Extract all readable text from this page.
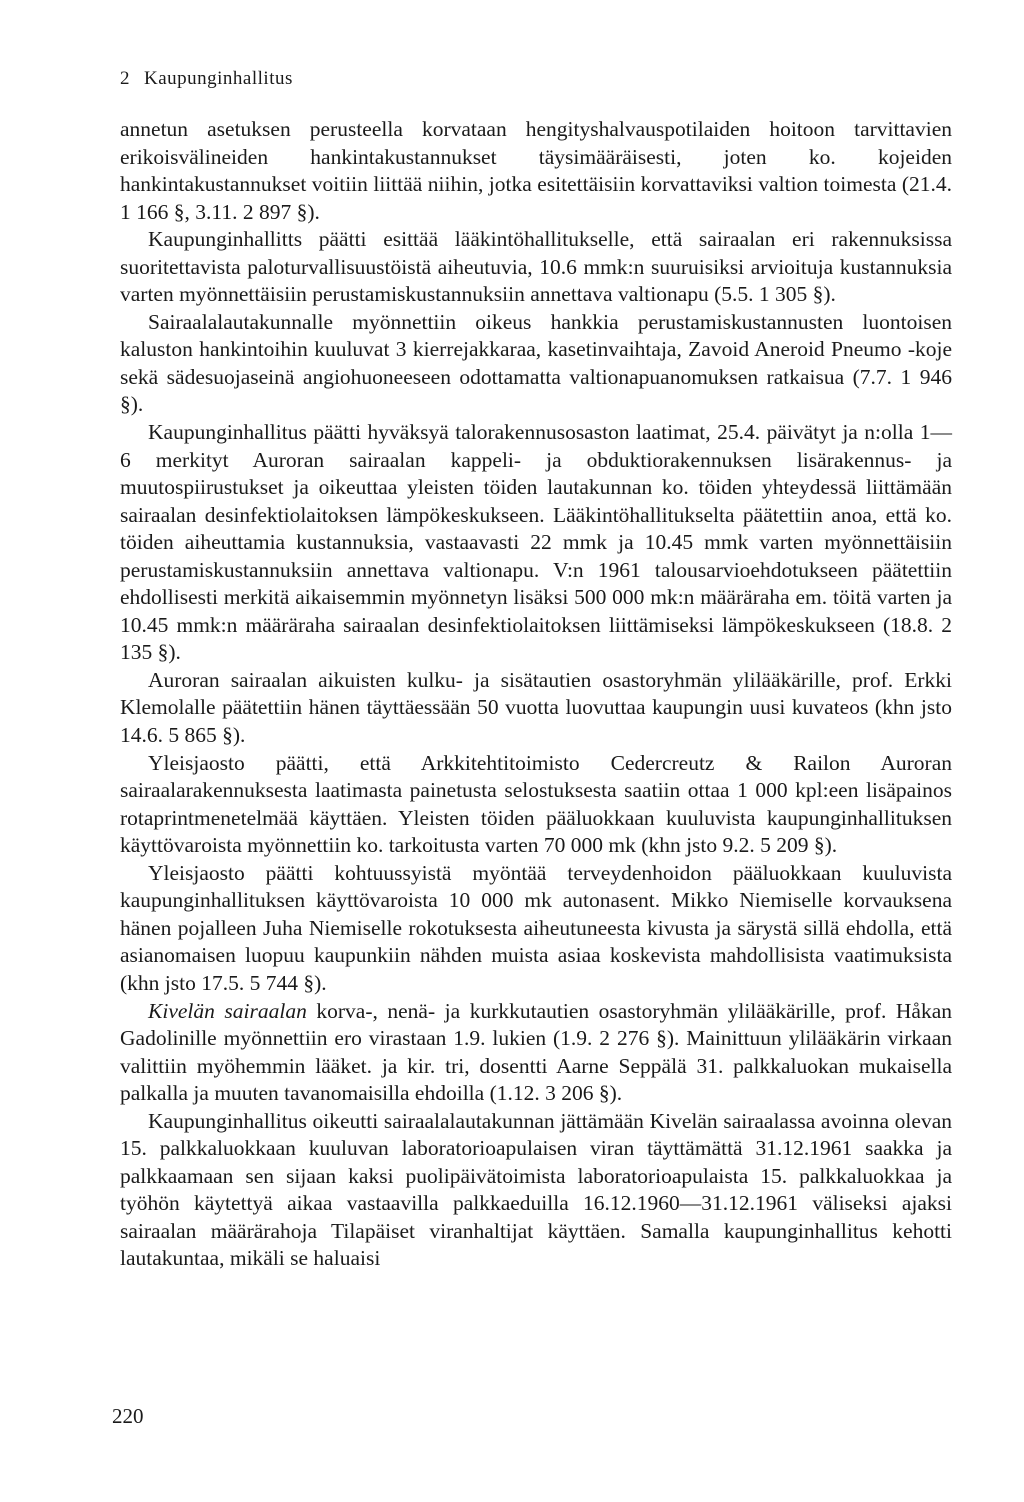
2 Kaupunginhallitus

annetun asetuksen perusteella korvataan hengityshalvauspotilaiden hoitoon tarvittavien erikoisvälineiden hankintakustannukset täysimääräisesti, joten ko. kojeiden hankintakustannukset voitiin liittää niihin, jotka esitettäisiin korvattaviksi valtion toimesta (21.4. 1 166 §, 3.11. 2 897 §).

Kaupunginhallitts päätti esittää lääkintöhallitukselle, että sairaalan eri rakennuksissa suoritettavista paloturvallisuustöistä aiheutuvia, 10.6 mmk:n suuruisiksi arvioituja kustannuksia varten myönnettäisiin perustamiskustannuksiin annettava valtionapu (5.5. 1 305 §).

Sairaalalautakunnalle myönnettiin oikeus hankkia perustamiskustannusten luontoisen kaluston hankintoihin kuuluvat 3 kierrejakkaraa, kasetinvaihtaja, Zavoid Aneroid Pneumo -koje sekä sädesuojaseinä angiohuoneeseen odottamatta valtionapuanomuksen ratkaisua (7.7. 1 946 §).

Kaupunginhallitus päätti hyväksyä talorakennusosaston laatimat, 25.4. päivätyt ja n:olla 1—6 merkityt Auroran sairaalan kappeli- ja obduktiorakennuksen lisärakennus- ja muutospiirustukset ja oikeuttaa yleisten töiden lautakunnan ko. töiden yhteydessä liittämään sairaalan desinfektiolaitoksen lämpökeskukseen. Lääkintöhallitukselta päätettiin anoa, että ko. töiden aiheuttamia kustannuksia, vastaavasti 22 mmk ja 10.45 mmk varten myönnettäisiin perustamiskustannuksiin annettava valtionapu. V:n 1961 talousarvioehdotukseen päätettiin ehdollisesti merkitä aikaisemmin myönnetyn lisäksi 500 000 mk:n määräraha em. töitä varten ja 10.45 mmk:n määräraha sairaalan desinfektiolaitoksen liittämiseksi lämpökeskukseen (18.8. 2 135 §).

Auroran sairaalan aikuisten kulku- ja sisätautien osastoryhmän ylilääkärille, prof. Erkki Klemolalle päätettiin hänen täyttäessään 50 vuotta luovuttaa kaupungin uusi kuvateos (khn jsto 14.6. 5 865 §).

Yleisjaosto päätti, että Arkkitehtitoimisto Cedercreutz & Railon Auroran sairaalarakennuksesta laatimasta painetusta selostuksesta saatiin ottaa 1 000 kpl:een lisäpainos rotaprintmenetelmää käyttäen. Yleisten töiden pääluokkaan kuuluvista kaupunginhallituksen käyttövaroista myönnettiin ko. tarkoitusta varten 70 000 mk (khn jsto 9.2. 5 209 §).

Yleisjaosto päätti kohtuussyistä myöntää terveydenhoidon pääluokkaan kuuluvista kaupunginhallituksen käyttövaroista 10 000 mk autonasent. Mikko Niemiselle korvauksena hänen pojalleen Juha Niemiselle rokotuksesta aiheutuneesta kivusta ja särystä sillä ehdolla, että asianomaisen luopuu kaupunkiin nähden muista asiaa koskevista mahdollisista vaatimuksista (khn jsto 17.5. 5 744 §).

Kivelän sairaalan korva-, nenä- ja kurkkutautien osastoryhmän ylilääkärille, prof. Håkan Gadolinille myönnettiin ero virastaan 1.9. lukien (1.9. 2 276 §). Mainittuun ylilääkärin virkaan valittiin myöhemmin lääket. ja kir. tri, dosentti Aarne Seppälä 31. palkkaluokan mukaisella palkalla ja muuten tavanomaisilla ehdoilla (1.12. 3 206 §).

Kaupunginhallitus oikeutti sairaalalautakunnan jättämään Kivelän sairaalassa avoinna olevan 15. palkkaluokkaan kuuluvan laboratorioapulaisen viran täyttämättä 31.12.1961 saakka ja palkkaamaan sen sijaan kaksi puolipäivätoimista laboratorioapulaista 15. palkkaluokkaa ja työhön käytettyä aikaa vastaavilla palkkaeduilla 16.12.1960—31.12.1961 väliseksi ajaksi sairaalan määrärahoja Tilapäiset viranhaltijat käyttäen. Samalla kaupunginhallitus kehotti lautakuntaa, mikäli se haluaisi

220
